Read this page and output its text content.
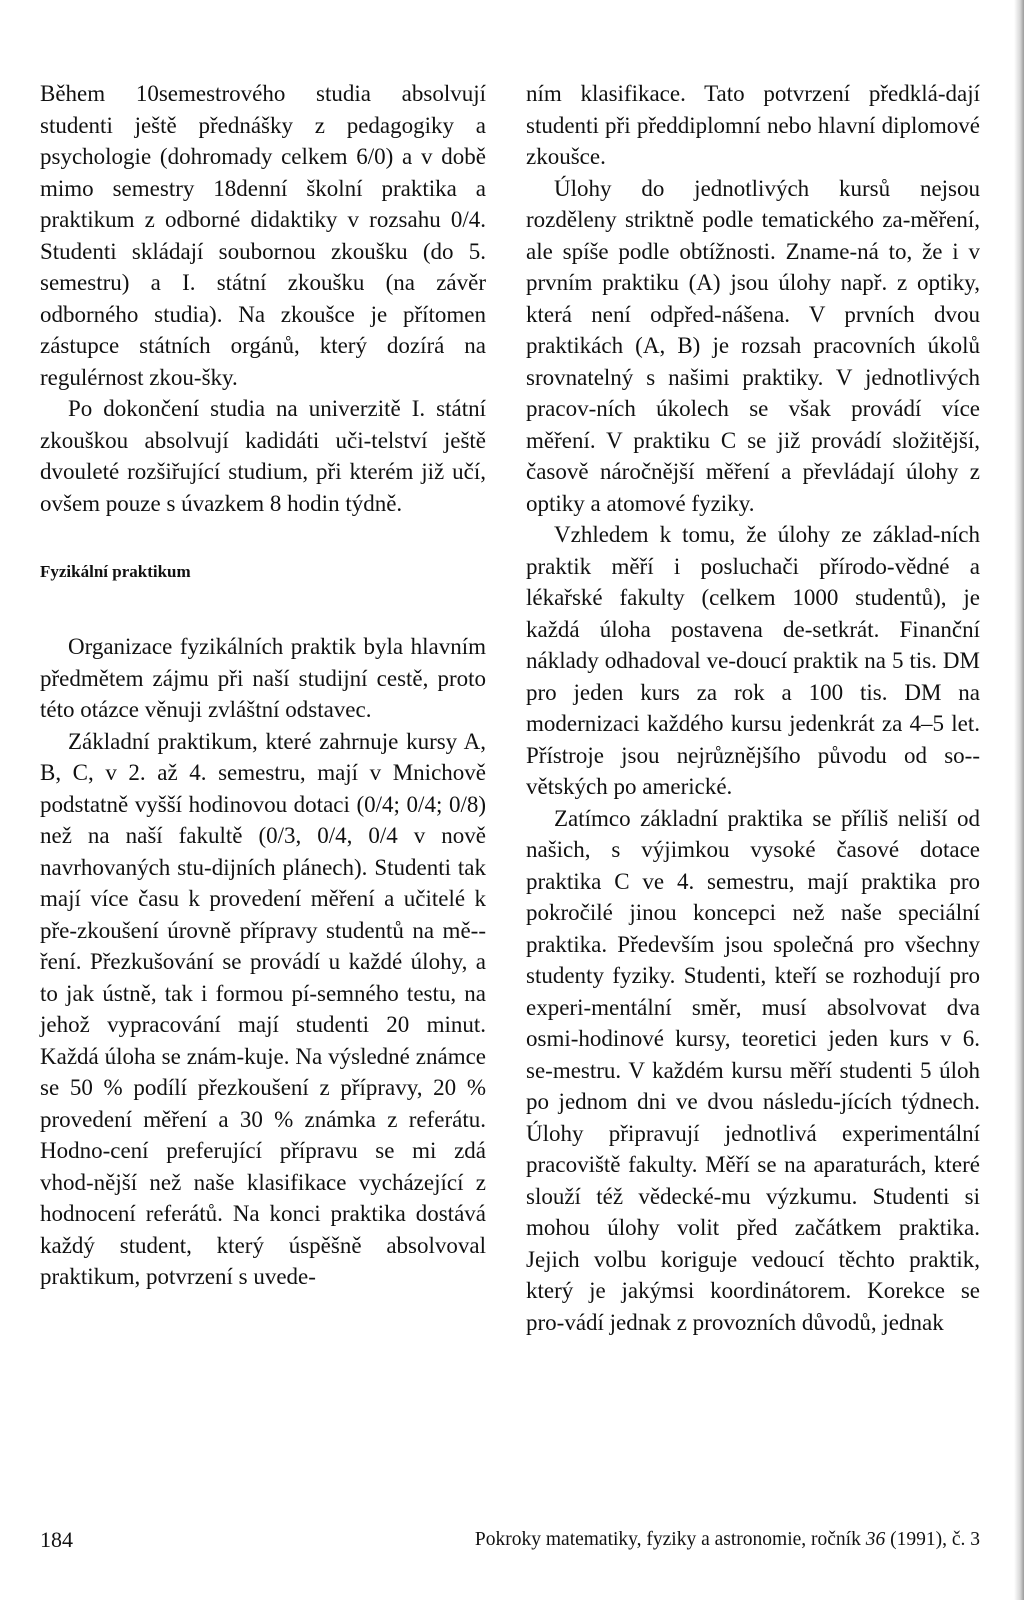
Během 10semestrového studia absolvují studenti ještě přednášky z pedagogiky a psychologie (dohromady celkem 6/0) a v době mimo semestry 18denní školní praktika a praktikum z odborné didaktiky v rozsahu 0/4. Studenti skládají soubornou zkoušku (do 5. semestru) a I. státní zkoušku (na závěr odborného studia). Na zkoušce je přítomen zástupce státních orgánů, který dozírá na regulérnost zkou-šky.

Po dokončení studia na univerzitě I. státní zkouškou absolvují kadidáti uči-telství ještě dvouleté rozšiřující studium, při kterém již učí, ovšem pouze s úvazkem 8 hodin týdně.

Fyzikální praktikum

Organizace fyzikálních praktik byla hlavním předmětem zájmu při naší studijní cestě, proto této otázce věnuji zvláštní odstavec.

Základní praktikum, které zahrnuje kursy A, B, C, v 2. až 4. semestru, mají v Mnichově podstatně vyšší hodinovou dotaci (0/4; 0/4; 0/8) než na naší fakultě (0/3, 0/4, 0/4 v nově navrhovaných stu-dijních plánech). Studenti tak mají více času k provedení měření a učitelé k pře-zkoušení úrovně přípravy studentů na mě-ření. Přezkušování se provádí u každé úlohy, a to jak ústně, tak i formou pí-semného testu, na jehož vypracování mají studenti 20 minut. Každá úloha se znám-kuje. Na výsledné známce se 50 % podílí přezkoušení z přípravy, 20 % provedení měření a 30 % známka z referátu. Hodno-cení preferující přípravu se mi zdá vhod-nější než naše klasifikace vycházející z hodnocení referátů. Na konci praktika dostává každý student, který úspěšně absolvoval praktikum, potvrzení s uvede-

ním klasifikace. Tato potvrzení předklá-dají studenti při předdiplomní nebo hlavní diplomové zkoušce.

Úlohy do jednotlivých kursů nejsou rozděleny striktně podle tematického za-měření, ale spíše podle obtížnosti. Zname-ná to, že i v prvním praktiku (A) jsou úlohy např. z optiky, která není odpřed-nášena. V prvních dvou praktikách (A, B) je rozsah pracovních úkolů srovnatelný s našimi praktiky. V jednotlivých pracov-ních úkolech se však provádí více měření. V praktiku C se již provádí složitější, časově náročnější měření a převládají úlohy z optiky a atomové fyziky.

Vzhledem k tomu, že úlohy ze základ-ních praktik měří i posluchači přírodo-vědné a lékařské fakulty (celkem 1000 studentů), je každá úloha postavena de-setkrát. Finanční náklady odhadoval ve-doucí praktik na 5 tis. DM pro jeden kurs za rok a 100 tis. DM na modernizaci každého kursu jedenkrát za 4–5 let. Přístroje jsou nejrůznějšího původu od so-větských po americké.

Zatímco základní praktika se příliš neliší od našich, s výjimkou vysoké časové dotace praktika C ve 4. semestru, mají praktika pro pokročilé jinou koncepci než naše speciální praktika. Především jsou společná pro všechny studenty fyziky. Studenti, kteří se rozhodují pro experi-mentální směr, musí absolvovat dva osmi-hodinové kursy, teoretici jeden kurs v 6. se-mestru. V každém kursu měří studenti 5 úloh po jednom dni ve dvou následu-jících týdnech. Úlohy připravují jednotlivá experimentální pracoviště fakulty. Měří se na aparaturách, které slouží též vědecké-mu výzkumu. Studenti si mohou úlohy volit před začátkem praktika. Jejich volbu koriguje vedoucí těchto praktik, který je jakýmsi koordinátorem. Korekce se pro-vádí jednak z provozních důvodů, jednak

184	Pokroky matematiky, fyziky a astronomie, ročník 36 (1991), č. 3
